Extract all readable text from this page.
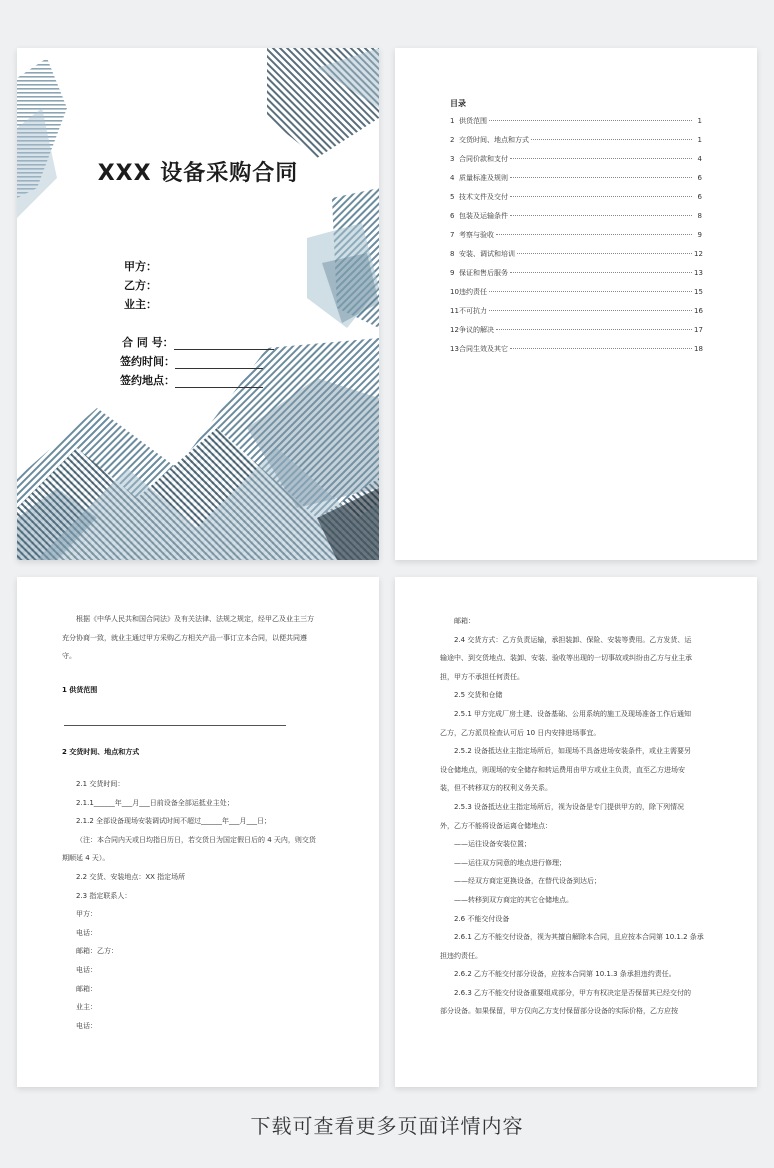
XXX 设备采购合同
甲方：
乙方：
业主：
合 同 号：
签约时间：
签约地点：
目录
1 供货范围	1
2 交货时间、地点和方式	1
3 合同价款和支付	4
4 质量标准及规则	6
5 技术文件及交付	6
6 包装及运输条件	8
7 考察与验收	9
8 安装、调试和培训	12
9 保证和售后服务	13
10 违约责任	15
11 不可抗力	16
12 争议的解决	17
13 合同生效及其它	18

根据《中华人民共和国合同法》及有关法律、法规之规定，经甲乙及业主三方

充分协商一致，就业主通过甲方采购乙方相关产品一事订立本合同，以便共同遵

守。

1 供货范围
2 交货时间、地点和方式

2.1 交货时间：

2.1.1______年___月___日前设备全部运抵业主处；

2.1.2 全部设备现场安装调试时间不超过______年___月___日；

（注：本合同内天或日均指日历日，若交货日为国定假日后的 4 天内，则交货

期顺延 4 天）。

2.2 交货、安装地点：XX 指定场所

2.3 指定联系人：

甲方：

电话：

邮箱：乙方：

电话：

邮箱：

业主：

电话：

邮箱：

2.4 交货方式：乙方负责运输，承担装卸、保险、安装等费用。乙方发货、运

输途中、到交货地点、装卸、安装、验收等出现的一切事故或纠纷由乙方与业主承

担，甲方不承担任何责任。

2.5 交货和仓储

2.5.1 甲方完成厂房土建、设备基础、公用系统的施工及现场准备工作后通知

乙方，乙方派员检查认可后 10 日内安排进场事宜。

2.5.2 设备抵达业主指定场所后，如现场不具备进场安装条件，或业主需要另

设仓储地点，则现场的安全储存和转运费用由甲方或业主负责，直至乙方进场安

装，但不转移双方的权利义务关系。

2.5.3 设备抵达业主指定场所后，视为设备是专门提供甲方的，除下列情况

外，乙方不能将设备运离仓储地点：

——运往设备安装位置；

——运往双方同意的地点进行修理；

——经双方商定更换设备，在替代设备到达后；

——转移到双方商定的其它仓储地点。

2.6 不能交付设备

2.6.1 乙方不能交付设备，视为其擅自解除本合同，且应按本合同第 10.1.2 条承

担违约责任。

2.6.2 乙方不能交付部分设备，应按本合同第 10.1.3 条承担违约责任。

2.6.3 乙方不能交付设备重要组成部分，甲方有权决定是否保留其已经交付的

部分设备。如果保留，甲方仅向乙方支付保留部分设备的实际价格，乙方应按

下载可查看更多页面详情内容
